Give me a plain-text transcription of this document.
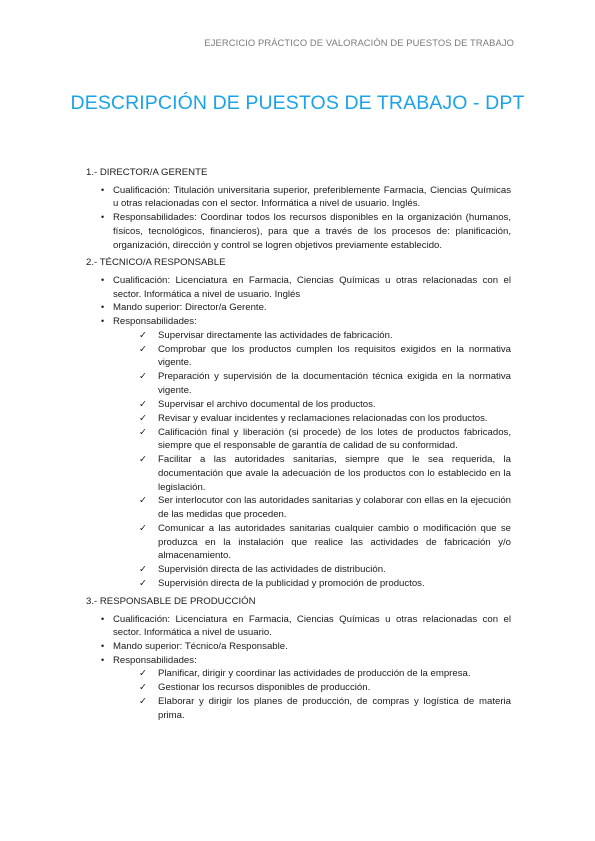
EJERCICIO PRÁCTICO DE VALORACIÓN DE PUESTOS DE TRABAJO
DESCRIPCIÓN DE PUESTOS DE TRABAJO - DPT
1.- DIRECTOR/A GERENTE
• Cualificación: Titulación universitaria superior, preferiblemente Farmacia, Ciencias Químicas u otras relacionadas con el sector. Informática a nivel de usuario. Inglés.
• Responsabilidades: Coordinar todos los recursos disponibles en la organización (humanos, físicos, tecnológicos, financieros), para que a través de los procesos de: planificación, organización, dirección y control se logren objetivos previamente establecido.
2.- TÉCNICO/A RESPONSABLE
• Cualificación: Licenciatura en Farmacia, Ciencias Químicas u otras relacionadas con el sector. Informática a nivel de usuario. Inglés
• Mando superior: Director/a Gerente.
• Responsabilidades:
✓ Supervisar directamente las actividades de fabricación.
✓ Comprobar que los productos cumplen los requisitos exigidos en la normativa vigente.
✓ Preparación y supervisión de la documentación técnica exigida en la normativa vigente.
✓ Supervisar el archivo documental de los productos.
✓ Revisar y evaluar incidentes y reclamaciones relacionadas con los productos.
✓ Calificación final y liberación (si procede) de los lotes de productos fabricados, siempre que el responsable de garantía de calidad de su conformidad.
✓ Facilitar a las autoridades sanitarias, siempre que le sea requerida, la documentación que avale la adecuación de los productos con lo establecido en la legislación.
✓ Ser interlocutor con las autoridades sanitarias y colaborar con ellas en la ejecución de las medidas que proceden.
✓ Comunicar a las autoridades sanitarias cualquier cambio o modificación que se produzca en la instalación que realice las actividades de fabricación y/o almacenamiento.
✓ Supervisión directa de las actividades de distribución.
✓ Supervisión directa de la publicidad y promoción de productos.
3.- RESPONSABLE DE PRODUCCIÓN
• Cualificación: Licenciatura en Farmacia, Ciencias Químicas u otras relacionadas con el sector. Informática a nivel de usuario.
• Mando superior: Técnico/a Responsable.
• Responsabilidades:
✓ Planificar, dirigir y coordinar las actividades de producción de la empresa.
✓ Gestionar los recursos disponibles de producción.
✓ Elaborar y dirigir los planes de producción, de compras y logística de materia prima.
